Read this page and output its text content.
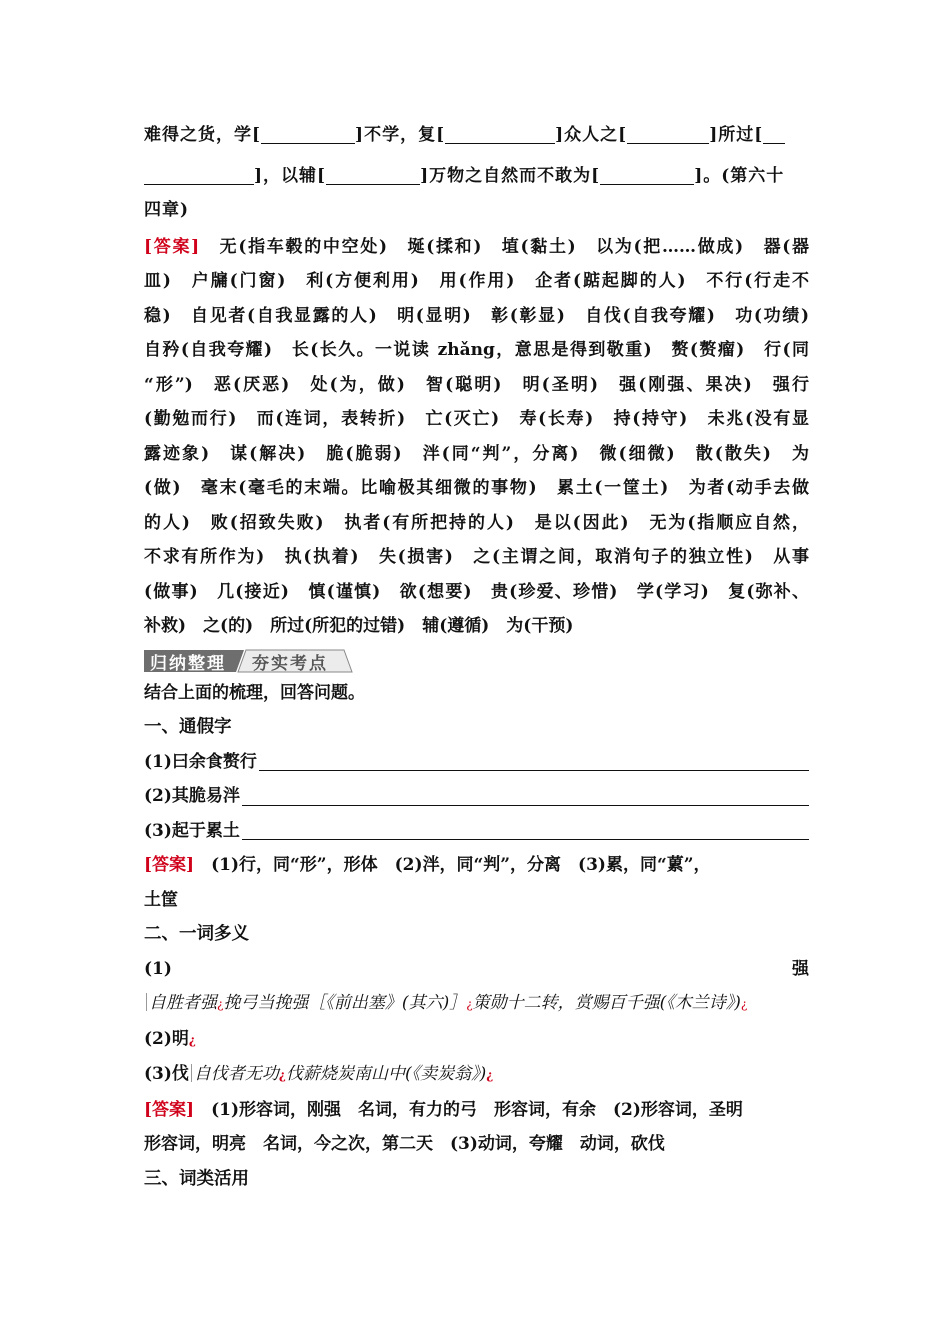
难得之货，学[	]不学，复[	]众人之[	]所过[
]，以辅[	]万物之自然而不敢为[	]。(第六十
四章)
[答案]　 无(指车毂的中空处)　埏(揉和)　埴(黏土)　以为(把……做成)　器(器
皿)　户牖(门窗)　利(方便利用)　用(作用)　企者(踮起脚的人)　不行(行走不
稳)　自见者(自我显露的人)　明(显明)　彰(彰显)　自伐(自我夸耀)　功(功绩)
自矜(自我夸耀)　长(长久。一说读 zhǎng，意思是得到敬重)　赘(赘瘤)　行(同
“形”)　恶(厌恶)　处(为，做)　智(聪明)　明(圣明)　强(刚强、果决)　强行
(勤勉而行)　而(连词，表转折)　亡(灭亡)　寿(长寿)　持(持守)　未兆(没有显
露迹象)　谋(解决)　脆(脆弱)　泮(同“判”，分离)　微(细微)　散(散失)　为
(做)　毫末(毫毛的末端。比喻极其细微的事物)　累土(一筐土)　为者(动手去做
的人)　败(招致失败)　执者(有所把持的人)　是以(因此)　无为(指顺应自然，
不求有所作为)　执(执着)　失(损害)　之(主谓之间，取消句子的独立性)　从事
(做事)　几(接近)　慎(谨慎)　欲(想要)　贵(珍爱、珍惜)　学(学习)　复(弥补、
补救)　之(的)　所过(所犯的过错)　辅(遵循)　为(干预)
归纳整理 夯实考点
结合上面的梳理，回答问题。
一、通假字
(1)曰余食赘行
(2)其脆易泮
(3)起于累土
[答案]　 (1)行，同“形”，形体　(2)泮，同“判”，分离　(3)累，同“蔂”，
土筐
二、一词多义
(1)	强
自胜者强¿挽弓当挽强［《前出塞》(其六)］¿策勋十二转，赏赐百千强(《木兰诗》)¿
(2)明¿
(3)伐 自伐者无功¿伐薪烧炭南山中(《卖炭翁》)¿
[答案]　 (1)形容词，刚强　名词，有力的弓　形容词，有余　(2)形容词，圣明
形容词，明亮　名词，今之次，第二天　(3)动词，夸耀　动词，砍伐
三、词类活用
